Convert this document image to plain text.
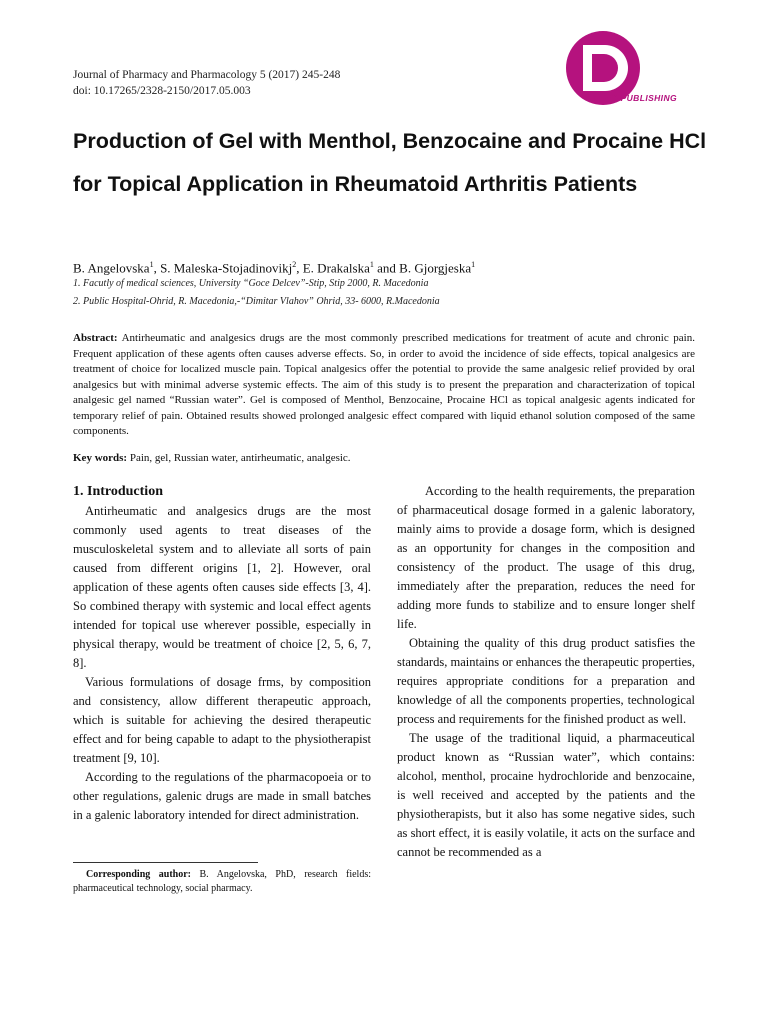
Journal of Pharmacy and Pharmacology 5 (2017) 245-248
doi: 10.17265/2328-2150/2017.05.003
DAVID PUBLISHING
Production of Gel with Menthol, Benzocaine and Procaine HCl for Topical Application in Rheumatoid Arthritis Patients
B. Angelovska$^1$, S. Maleska-Stojadinovikj$^2$, E. Drakalska$^1$ and B. Gjorgjeska$^1$
1. Facutly of medical sciences, University “Goce Delcev”-Stip, Stip 2000, R. Macedonia
2. Public Hospital-Ohrid, R. Macedonia,-“Dimitar Vlahov” Ohrid, 33- 6000, R.Macedonia

Abstract: Antirheumatic and analgesics drugs are the most commonly prescribed medications for treatment of acute and chronic pain. Frequent application of these agents often causes adverse effects. So, in order to avoid the incidence of side effects, topical analgesics are treatment of choice for localized muscle pain. Topical analgesics offer the potential to provide the same analgesic relief provided by oral analgesics but with minimal adverse systemic effects. The aim of this study is to present the preparation and characterization of topical analgesic gel named “Russian water”. Gel is composed of Menthol, Benzocaine, Procaine HCl as topical analgesic agents indicated for temporary relief of pain. Obtained results showed prolonged analgesic effect compared with liquid ethanol solution composed of the same components.

Key words: Pain, gel, Russian water, antirheumatic, analgesic.

1. Introduction

Antirheumatic and analgesics drugs are the most commonly used agents to treat diseases of the musculoskeletal system and to alleviate all sorts of pain caused from different origins [1, 2]. However, oral application of these agents often causes side effects [3, 4]. So combined therapy with systemic and local effect agents intended for topical use wherever possible, especially in physical therapy, would be treatment of choice [2, 5, 6, 7, 8].

Various formulations of dosage frms, by composition and consistency, allow different therapeutic approach, which is suitable for achieving the desired therapeutic effect and for being capable to adapt to the physiotherapist treatment [9, 10].

According to the regulations of the pharmacopoeia or to other regulations, galenic drugs are made in small batches in a galenic laboratory intended for direct administration.

According to the health requirements, the preparation of pharmaceutical dosage formed in a galenic laboratory, mainly aims to provide a dosage form, which is designed as an opportunity for changes in the composition and consistency of the product. The usage of this drug, immediately after the preparation, reduces the need for adding more funds to stabilize and to ensure longer shelf life.

Obtaining the quality of this drug product satisfies the standards, maintains or enhances the therapeutic properties, requires appropriate conditions for a preparation and knowledge of all the components properties, technological process and requirements for the finished product as well.

The usage of the traditional liquid, a pharmaceutical product known as “Russian water”, which contains: alcohol, menthol, procaine hydrochloride and benzocaine, is well received and accepted by the patients and the physiotherapists, but it also has some negative sides, such as short effect, it is easily volatile, it acts on the surface and cannot be recommended as a

Corresponding author: B. Angelovska, PhD, research fields: pharmaceutical technology, social pharmacy.
